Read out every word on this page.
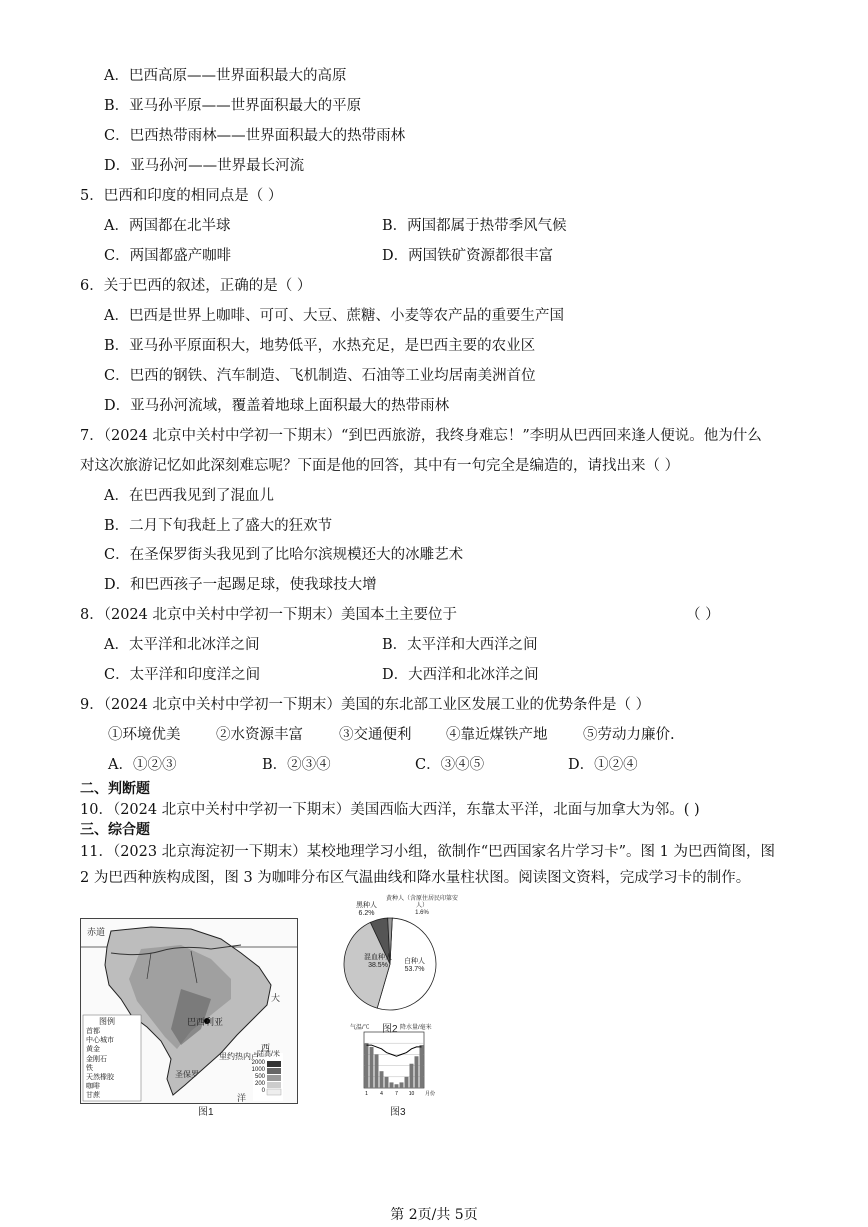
A．巴西高原——世界面积最大的高原
B．亚马孙平原——世界面积最大的平原
C．巴西热带雨林——世界面积最大的热带雨林
D．亚马孙河——世界最长河流
5．巴西和印度的相同点是（ ）
A．两国都在北半球	B．两国都属于热带季风气候
C．两国都盛产咖啡	D．两国铁矿资源都很丰富
6．关于巴西的叙述，正确的是（ ）
A．巴西是世界上咖啡、可可、大豆、蔗糖、小麦等农产品的重要生产国
B．亚马孙平原面积大，地势低平，水热充足，是巴西主要的农业区
C．巴西的钢铁、汽车制造、飞机制造、石油等工业均居南美洲首位
D．亚马孙河流域，覆盖着地球上面积最大的热带雨林
7．（2024 北京中关村中学初一下期末）“到巴西旅游，我终身难忘！”李明从巴西回来逢人便说。他为什么
对这次旅游记忆如此深刻难忘呢？下面是他的回答，其中有一句完全是编造的，请找出来（ ）
A．在巴西我见到了混血儿
B．二月下旬我赶上了盛大的狂欢节
C．在圣保罗街头我见到了比哈尔滨规模还大的冰雕艺术
D．和巴西孩子一起踢足球，使我球技大增
8．（2024 北京中关村中学初一下期末）美国本土主要位于	（ ）
A．太平洋和北冰洋之间	B．太平洋和大西洋之间
C．太平洋和印度洋之间	D．大西洋和北冰洋之间
9．（2024 北京中关村中学初一下期末）美国的东北部工业区发展工业的优势条件是（ ）
①环境优美 ②水资源丰富 ③交通便利 ④靠近煤铁产地 ⑤劳动力廉价.
A．①②③	B．②③④	C．③④⑤	D．①②④
二、判断题
10．（2024 北京中关村中学初一下期末）美国西临大西洋，东靠太平洋，北面与加拿大为邻。( )
三、综合题
11．（2023 北京海淀初一下期末）某校地理学习小组，欲制作“巴西国家名片学习卡”。图 1 为巴西简图，图
2 为巴西种族构成图，图 3 为咖啡分布区气温曲线和降水量柱状图。阅读图文资料，完成学习卡的制作。
赤道
巴西利亚
大
西
洋
圣保罗
里约热内卢
图例
首都
中心城市
黄金
金刚石
铁
天然橡胶
咖啡
甘蔗
陆高/米
2000
1000
500
200
0
图1
混血种人
38.5%
白种人
53.7%
黑种人
6.2%
黄种人（含原住居民印第安人）
1.6%
图2
1 4 7 10 月份
气温/℃	降水量/毫米
图3
第 2页/共 5页
